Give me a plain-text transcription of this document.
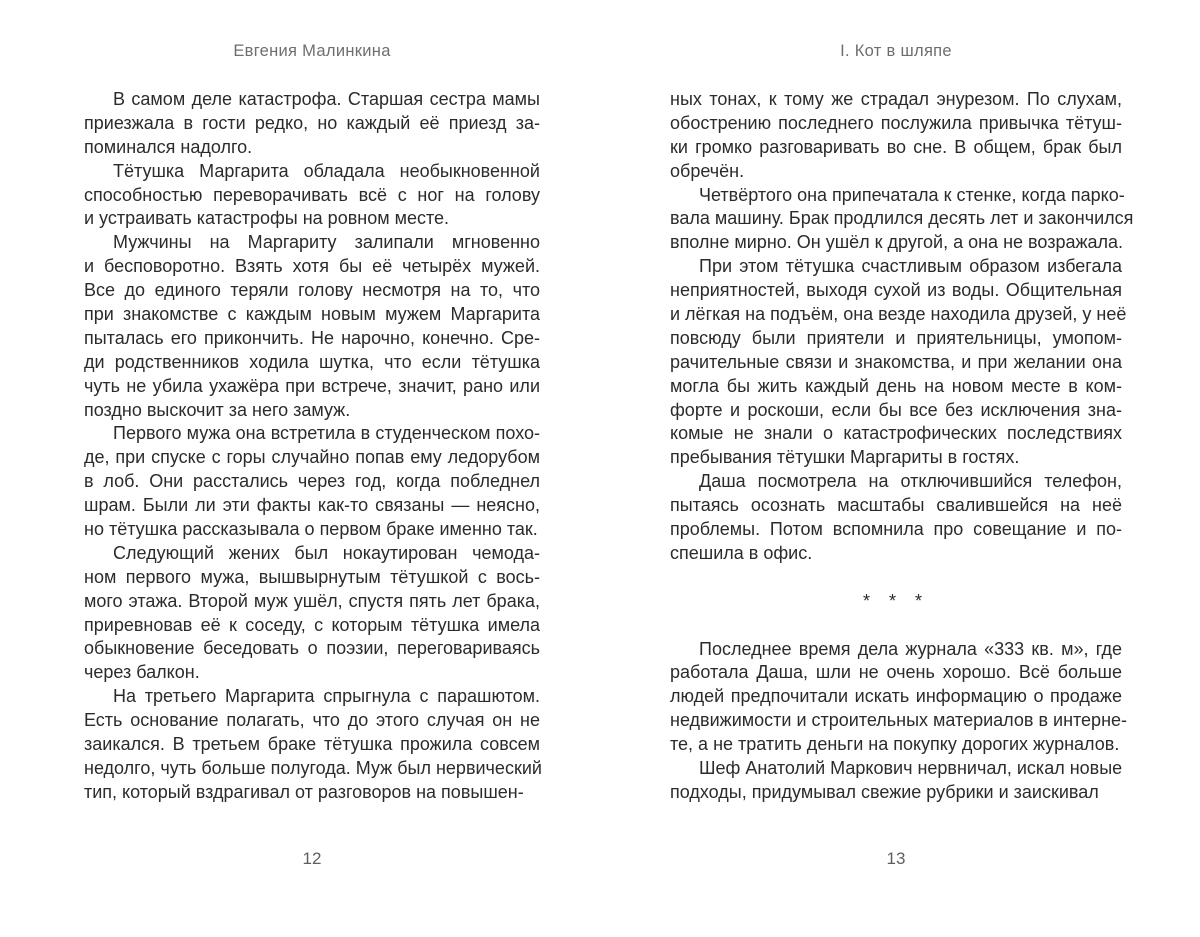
Евгения Малинкина	I. Кот в шляпе
В самом деле катастрофа. Старшая сестра мамы
приезжала в гости редко, но каждый её приезд за-
поминался надолго.
Тётушка Маргарита обладала необыкновенной
способностью переворачивать всё с ног на голову
и устраивать катастрофы на ровном месте.
Мужчины на Маргариту залипали мгновенно
и бесповоротно. Взять хотя бы её четырёх мужей.
Все до единого теряли голову несмотря на то, что
при знакомстве с каждым новым мужем Маргарита
пыталась его прикончить. Не нарочно, конечно. Сре-
ди родственников ходила шутка, что если тётушка
чуть не убила ухажёра при встрече, значит, рано или
поздно выскочит за него замуж.
Первого мужа она встретила в студенческом похо-
де, при спуске с горы случайно попав ему ледорубом
в лоб. Они расстались через год, когда побледнел
шрам. Были ли эти факты как-то связаны — неясно,
но тётушка рассказывала о первом браке именно так.
Следующий жених был нокаутирован чемода-
ном первого мужа, вышвырнутым тётушкой с вось-
мого этажа. Второй муж ушёл, спустя пять лет брака,
приревновав её к соседу, с которым тётушка имела
обыкновение беседовать о поэзии, переговариваясь
через балкон.
На третьего Маргарита спрыгнула с парашютом.
Есть основание полагать, что до этого случая он не
заикался. В третьем браке тётушка прожила совсем
недолго, чуть больше полугода. Муж был нервический
тип, который вздрагивал от разговоров на повышен-
ных тонах, к тому же страдал энурезом. По слухам,
обострению последнего послужила привычка тётуш-
ки громко разговаривать во сне. В общем, брак был
обречён.
Четвёртого она припечатала к стенке, когда парко-
вала машину. Брак продлился десять лет и закончился
вполне мирно. Он ушёл к другой, а она не возражала.
При этом тётушка счастливым образом избегала
неприятностей, выходя сухой из воды. Общительная
и лёгкая на подъём, она везде находила друзей, у неё
повсюду были приятели и приятельницы, умопом-
рачительные связи и знакомства, и при желании она
могла бы жить каждый день на новом месте в ком-
форте и роскоши, если бы все без исключения зна-
комые не знали о катастрофических последствиях
пребывания тётушки Маргариты в гостях.
Даша посмотрела на отключившийся телефон,
пытаясь осознать масштабы свалившейся на неё
проблемы. Потом вспомнила про совещание и по-
спешила в офис.
* * *
Последнее время дела журнала «333 кв. м», где
работала Даша, шли не очень хорошо. Всё больше
людей предпочитали искать информацию о продаже
недвижимости и строительных материалов в интерне-
те, а не тратить деньги на покупку дорогих журналов.
Шеф Анатолий Маркович нервничал, искал новые
подходы, придумывал свежие рубрики и заискивал
12	13
